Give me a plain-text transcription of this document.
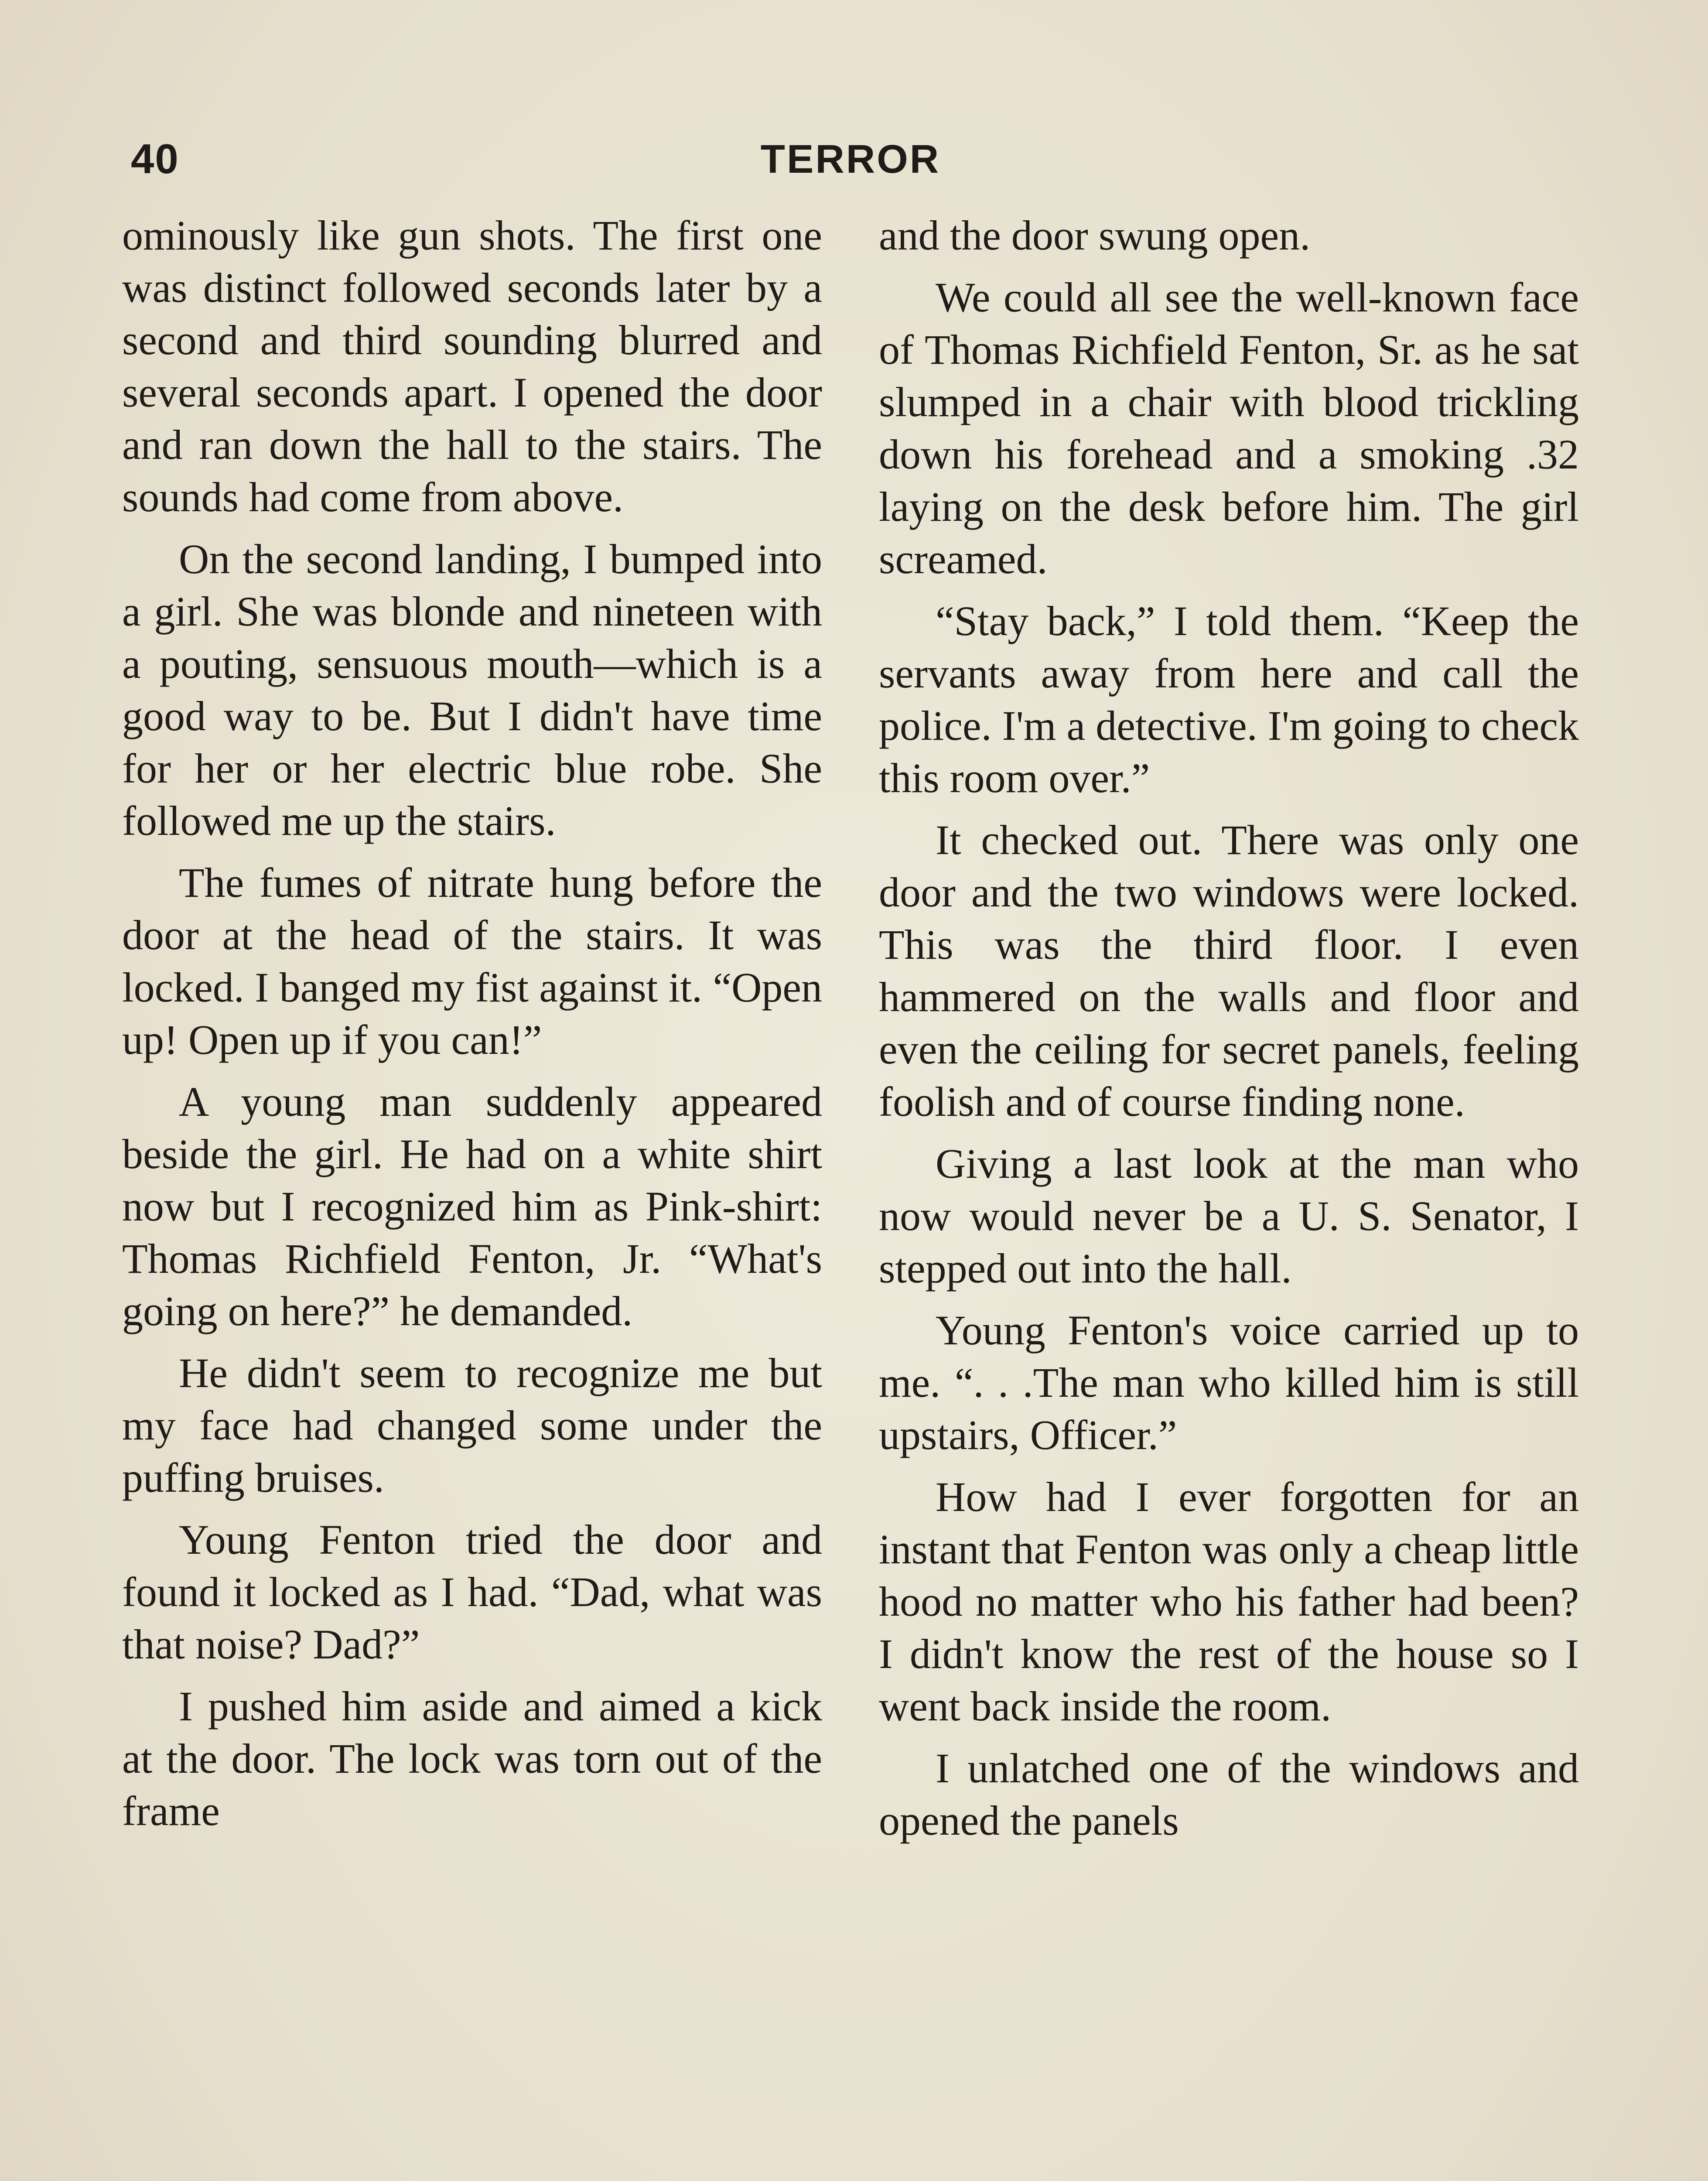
40	TERROR

ominously like gun shots. The first one was distinct followed seconds later by a second and third sounding blurred and several seconds apart. I opened the door and ran down the hall to the stairs. The sounds had come from above.

On the second landing, I bumped into a girl. She was blonde and nineteen with a pouting, sensuous mouth—which is a good way to be. But I didn't have time for her or her electric blue robe. She followed me up the stairs.

The fumes of nitrate hung before the door at the head of the stairs. It was locked. I banged my fist against it. “Open up! Open up if you can!”

A young man suddenly appeared beside the girl. He had on a white shirt now but I recognized him as Pink-shirt: Thomas Richfield Fenton, Jr. “What's going on here?” he demanded.

He didn't seem to recognize me but my face had changed some under the puffing bruises.

Young Fenton tried the door and found it locked as I had. “Dad, what was that noise? Dad?”

I pushed him aside and aimed a kick at the door. The lock was torn out of the frame

and the door swung open.

We could all see the well-known face of Thomas Richfield Fenton, Sr. as he sat slumped in a chair with blood trickling down his forehead and a smoking .32 laying on the desk before him. The girl screamed.

“Stay back,” I told them. “Keep the servants away from here and call the police. I'm a detective. I'm going to check this room over.”

It checked out. There was only one door and the two windows were locked. This was the third floor. I even hammered on the walls and floor and even the ceiling for secret panels, feeling foolish and of course finding none.

Giving a last look at the man who now would never be a U. S. Senator, I stepped out into the hall.

Young Fenton's voice carried up to me. “. . .The man who killed him is still upstairs, Officer.”

How had I ever forgotten for an instant that Fenton was only a cheap little hood no matter who his father had been? I didn't know the rest of the house so I went back inside the room.

I unlatched one of the windows and opened the panels
